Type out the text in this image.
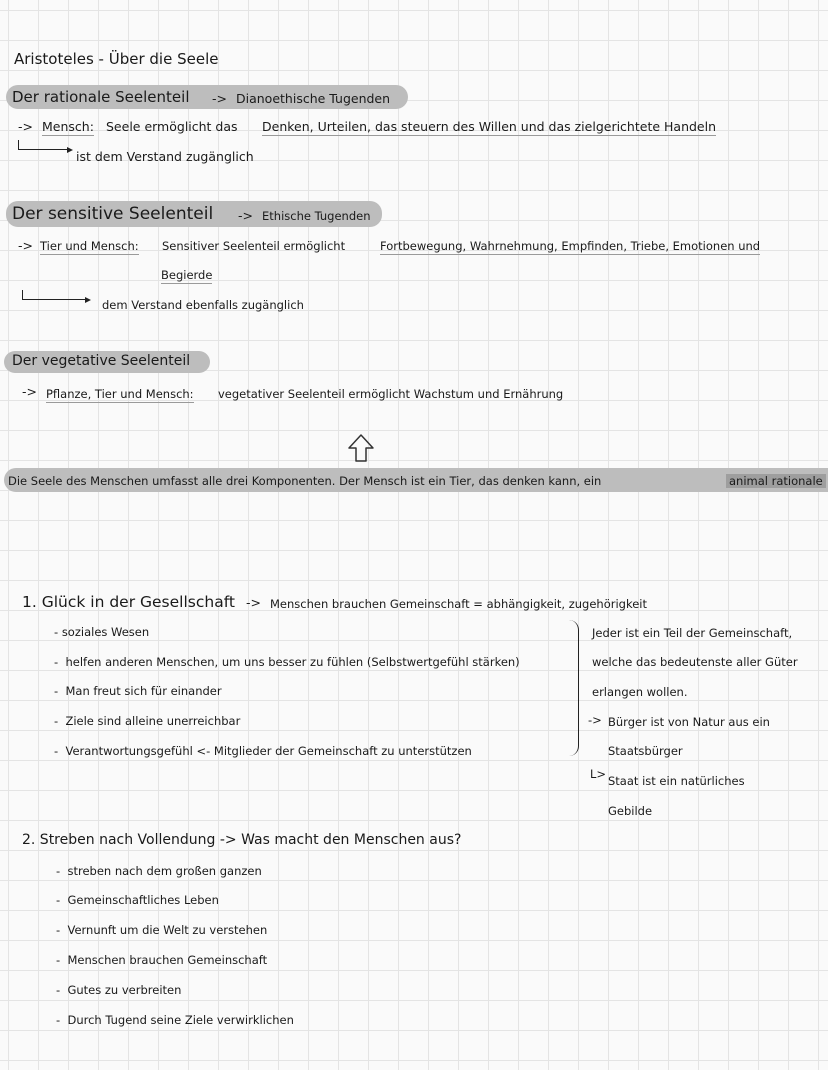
Aristoteles - Über die Seele
Der rationale Seelenteil -> Dianoethische Tugenden
-> Mensch: Seele ermöglicht das Denken, Urteilen, das steuern des Willen und das zielgerichtete Handeln
ist dem Verstand zugänglich
Der sensitive Seelenteil -> Ethische Tugenden
-> Tier und Mensch: Sensitiver Seelenteil ermöglicht	Fortbewegung, Wahrnehmung, Empfinden, Triebe, Emotionen und
Begierde
dem Verstand ebenfalls zugänglich
Der vegetative Seelenteil
-> Pflanze, Tier und Mensch: vegetativer Seelenteil ermöglicht Wachstum und Ernährung
Die Seele des Menschen umfasst alle drei Komponenten. Der Mensch ist ein Tier, das denken kann, ein	animal rationale
1. Glück in der Gesellschaft -> Menschen brauchen Gemeinschaft = abhängigkeit, zugehörigkeit
- soziales Wesen
-  helfen anderen Menschen, um uns besser zu fühlen (Selbstwertgefühl stärken)
-  Man freut sich für einander
-  Ziele sind alleine unerreichbar
-  Verantwortungsgefühl <- Mitglieder der Gemeinschaft zu unterstützen
Jeder ist ein Teil der Gemeinschaft,
welche das bedeutenste aller Güter
erlangen wollen.
-> Bürger ist von Natur aus ein
Staatsbürger
L> Staat ist ein natürliches
Gebilde
2. Streben nach Vollendung -> Was macht den Menschen aus?
-  streben nach dem großen ganzen
-  Gemeinschaftliches Leben
-  Vernunft um die Welt zu verstehen
-  Menschen brauchen Gemeinschaft
-  Gutes zu verbreiten
-  Durch Tugend seine Ziele verwirklichen
